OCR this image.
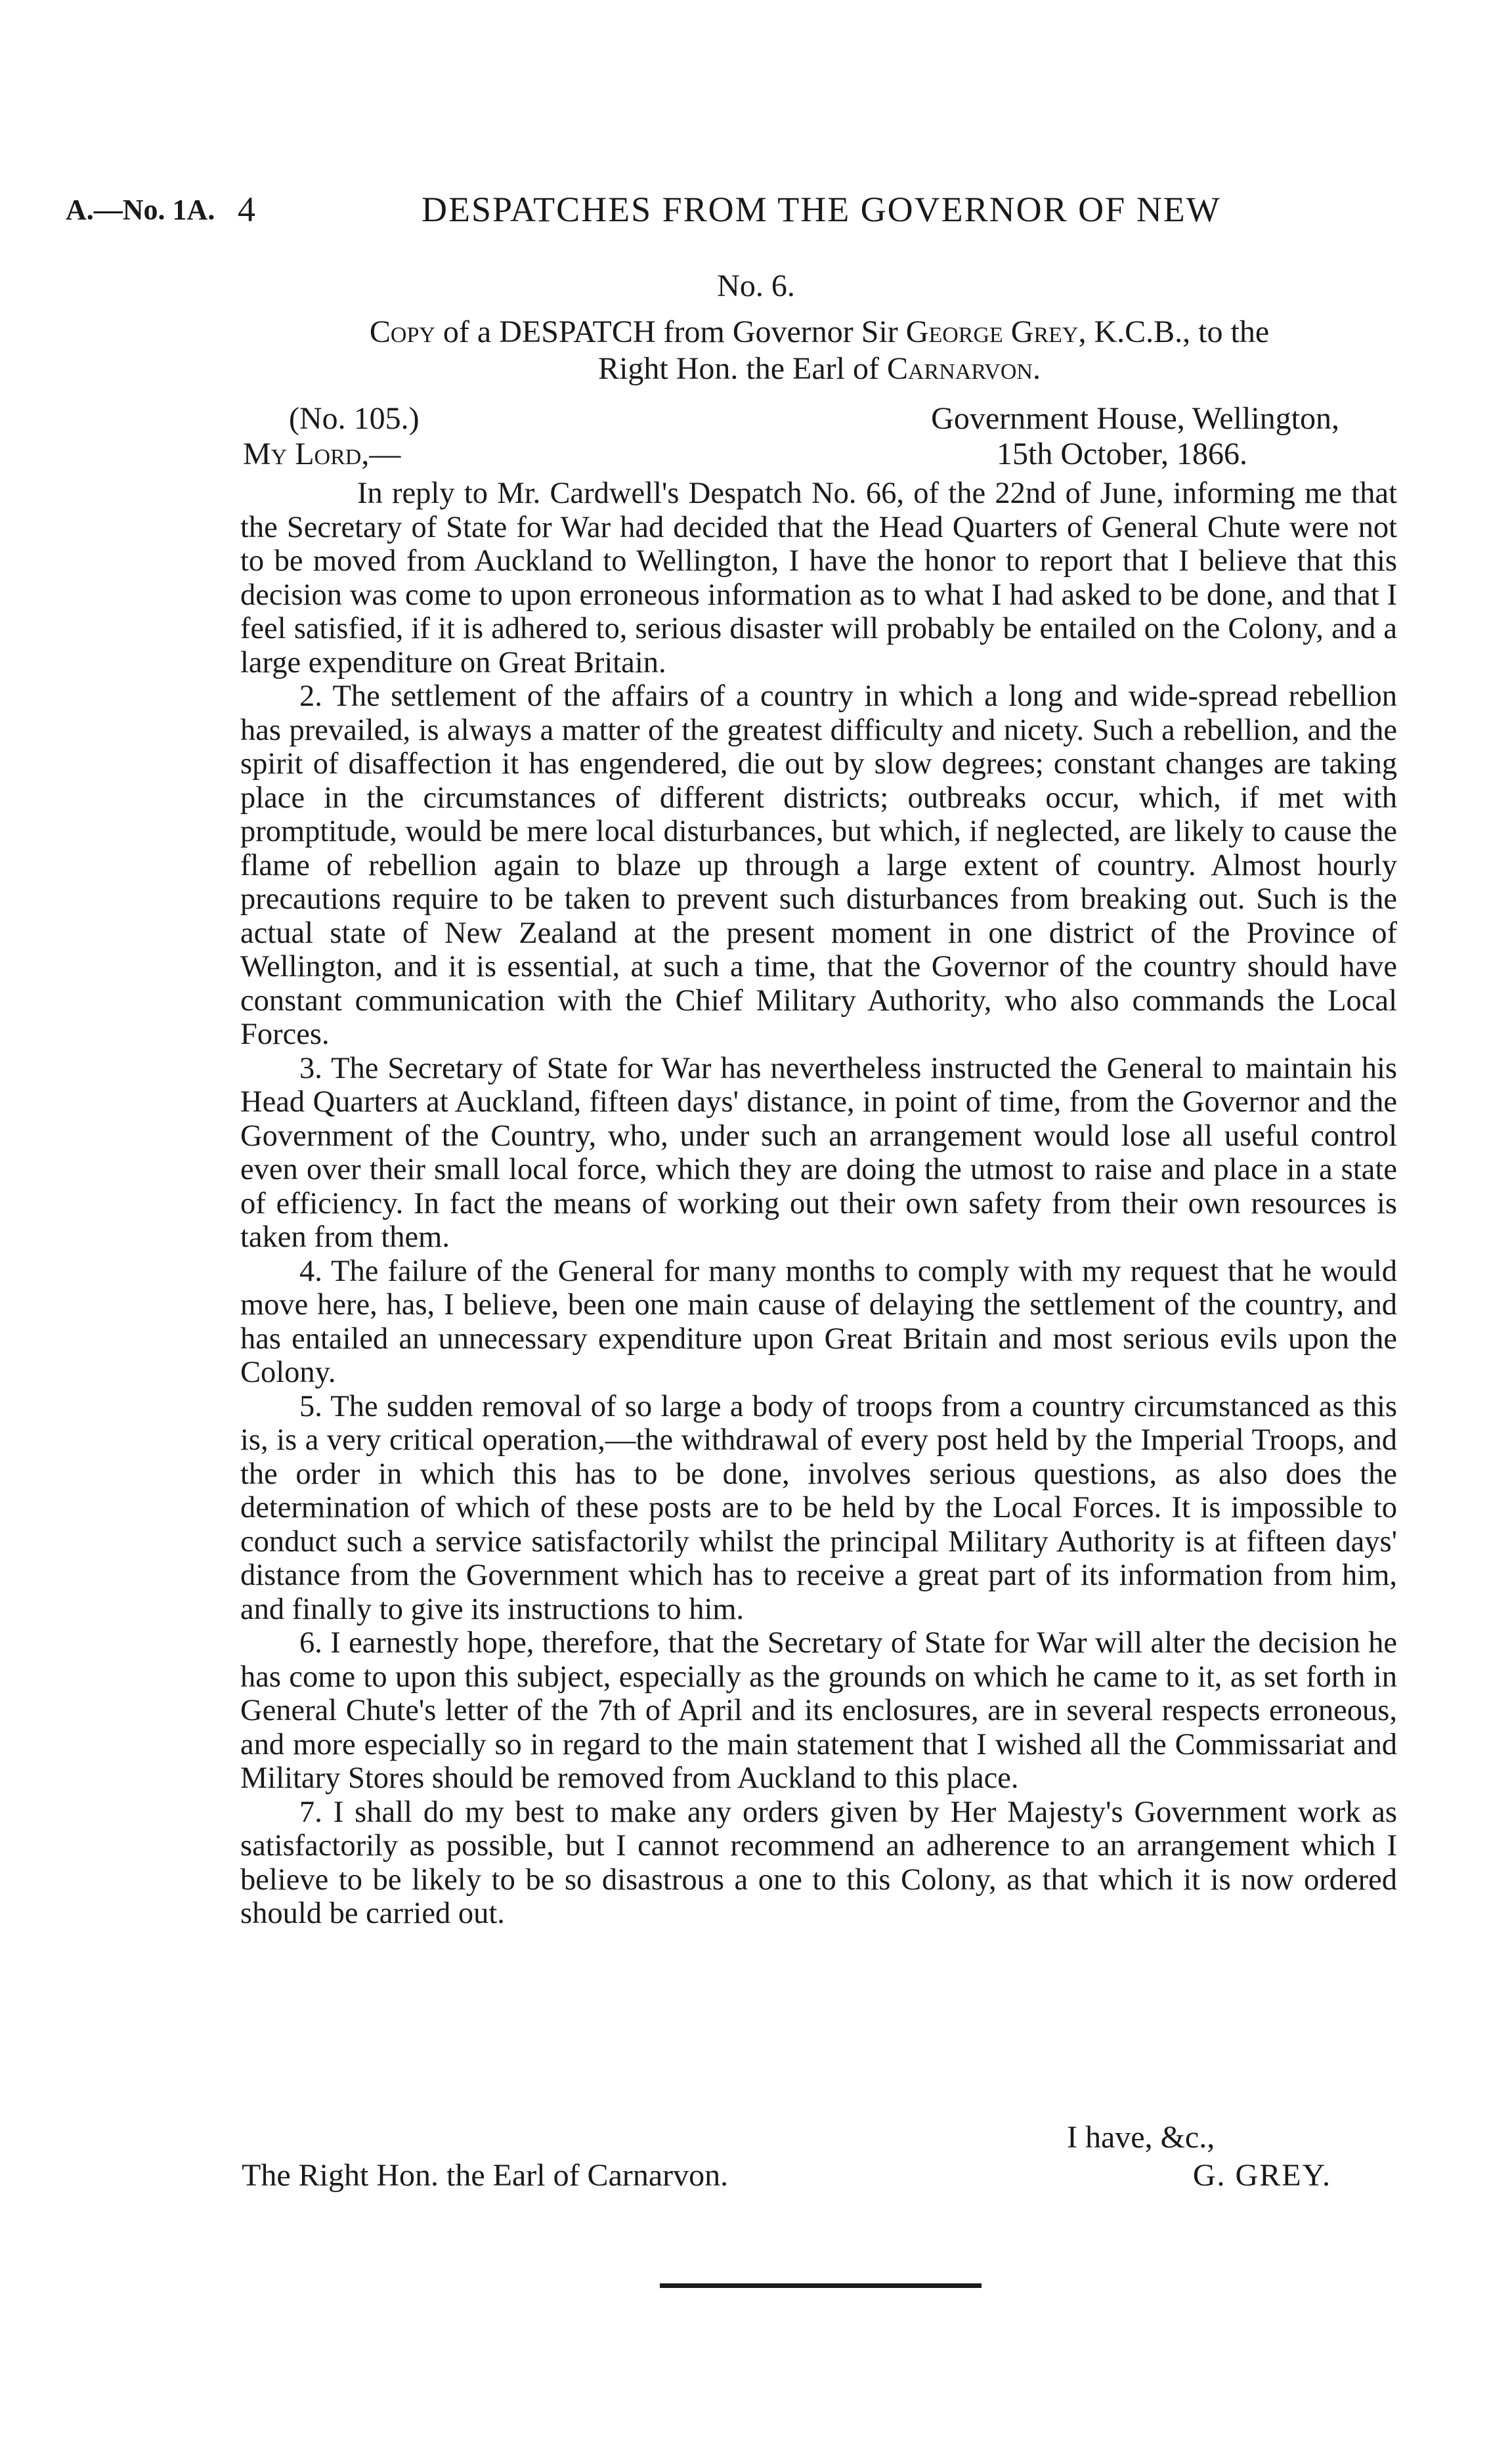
A.—No. 1A. 4	DESPATCHES FROM THE GOVERNOR OF NEW
No. 6.
Copy of a DESPATCH from Governor Sir George Grey, K.C.B., to the
Right Hon. the Earl of Carnarvon.
(No. 105.)	Government House, Wellington,
My Lord,—	15th October, 1866.

In reply to Mr. Cardwell's Despatch No. 66, of the 22nd of June, informing me that the Secretary of State for War had decided that the Head Quarters of General Chute were not to be moved from Auckland to Wellington, I have the honor to report that I believe that this decision was come to upon erroneous information as to what I had asked to be done, and that I feel satisfied, if it is adhered to, serious disaster will probably be entailed on the Colony, and a large expenditure on Great Britain.

2. The settlement of the affairs of a country in which a long and wide-spread rebellion has prevailed, is always a matter of the greatest difficulty and nicety. Such a rebellion, and the spirit of disaffection it has engendered, die out by slow degrees; constant changes are taking place in the circumstances of different districts; outbreaks occur, which, if met with promptitude, would be mere local disturbances, but which, if neglected, are likely to cause the flame of rebellion again to blaze up through a large extent of country. Almost hourly precautions require to be taken to prevent such disturbances from breaking out. Such is the actual state of New Zealand at the present moment in one district of the Province of Wellington, and it is essential, at such a time, that the Governor of the country should have constant communication with the Chief Military Authority, who also commands the Local Forces.

3. The Secretary of State for War has nevertheless instructed the General to maintain his Head Quarters at Auckland, fifteen days' distance, in point of time, from the Governor and the Government of the Country, who, under such an arrangement would lose all useful control even over their small local force, which they are doing the utmost to raise and place in a state of efficiency. In fact the means of working out their own safety from their own resources is taken from them.

4. The failure of the General for many months to comply with my request that he would move here, has, I believe, been one main cause of delaying the settlement of the country, and has entailed an unnecessary expenditure upon Great Britain and most serious evils upon the Colony.

5. The sudden removal of so large a body of troops from a country circumstanced as this is, is a very critical operation,—the withdrawal of every post held by the Imperial Troops, and the order in which this has to be done, involves serious questions, as also does the determination of which of these posts are to be held by the Local Forces. It is impossible to conduct such a service satisfactorily whilst the principal Military Authority is at fifteen days' distance from the Government which has to receive a great part of its information from him, and finally to give its instructions to him.

6. I earnestly hope, therefore, that the Secretary of State for War will alter the decision he has come to upon this subject, especially as the grounds on which he came to it, as set forth in General Chute's letter of the 7th of April and its enclosures, are in several respects erroneous, and more especially so in regard to the main statement that I wished all the Commissariat and Military Stores should be removed from Auckland to this place.

7. I shall do my best to make any orders given by Her Majesty's Government work as satisfactorily as possible, but I cannot recommend an adherence to an arrangement which I believe to be likely to be so disastrous a one to this Colony, as that which it is now ordered should be carried out.

I have, &c.,
The Right Hon. the Earl of Carnarvon.	G. GREY.
